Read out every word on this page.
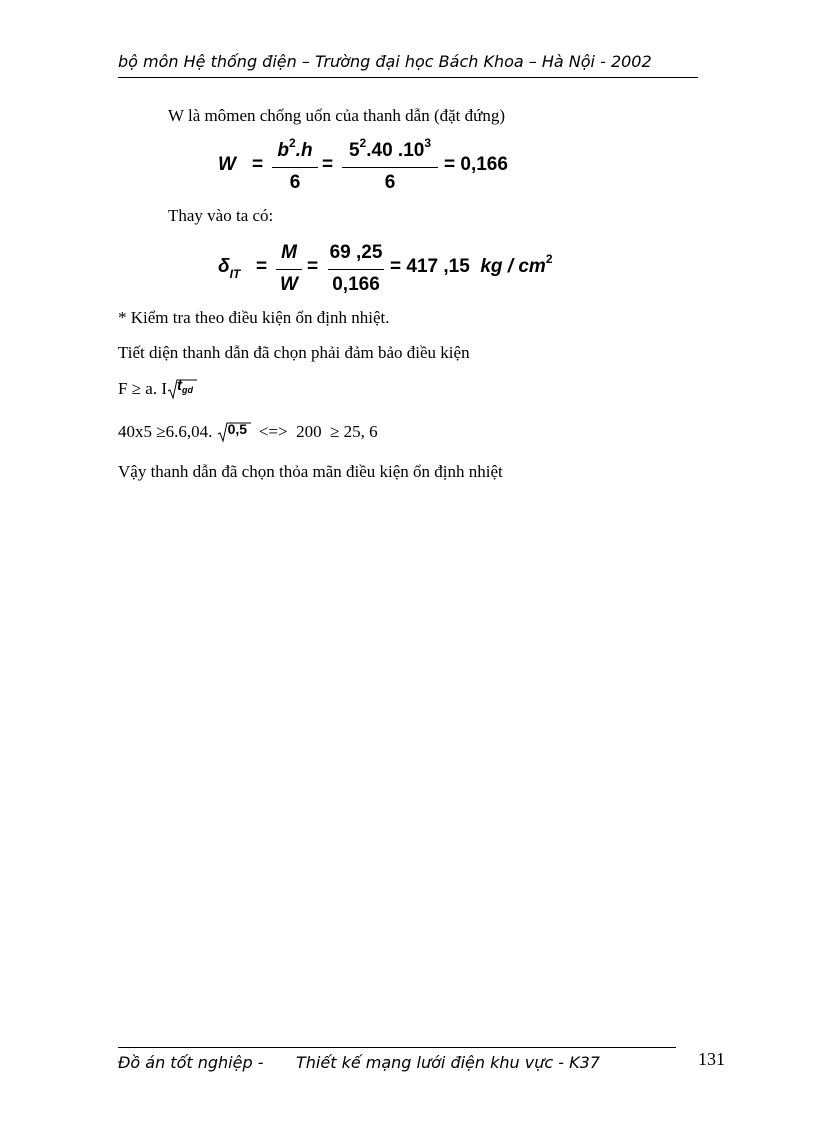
bộ môn Hệ thống điện – Trường đại học Bách Khoa – Hà Nội - 2002
W là mômen chống uốn của thanh dẫn (đặt đứng)
W =
$b^2.h$
6
=
$5^2.40$ $.10^3$
6
= 0,166
Thay vào ta có:
$\delta_{IT}$ =
M
W
=
69 ,25
0,166
= 417 ,15 kg / $cm^2$
* Kiểm tra theo điều kiện ổn định nhiệt.
Tiết diện thanh dẫn đã chọn phải đảm bảo điều kiện
F ≥ a. I $t_{gd}$
40x5 ≥6.6,04. 0,5 <=>  200  ≥ 25, 6
Vậy thanh dẫn đã chọn thỏa mãn điều kiện ổn định nhiệt
Đồ án tốt nghiệp - Thiết kế mạng lưới điện khu vực - K37	131
